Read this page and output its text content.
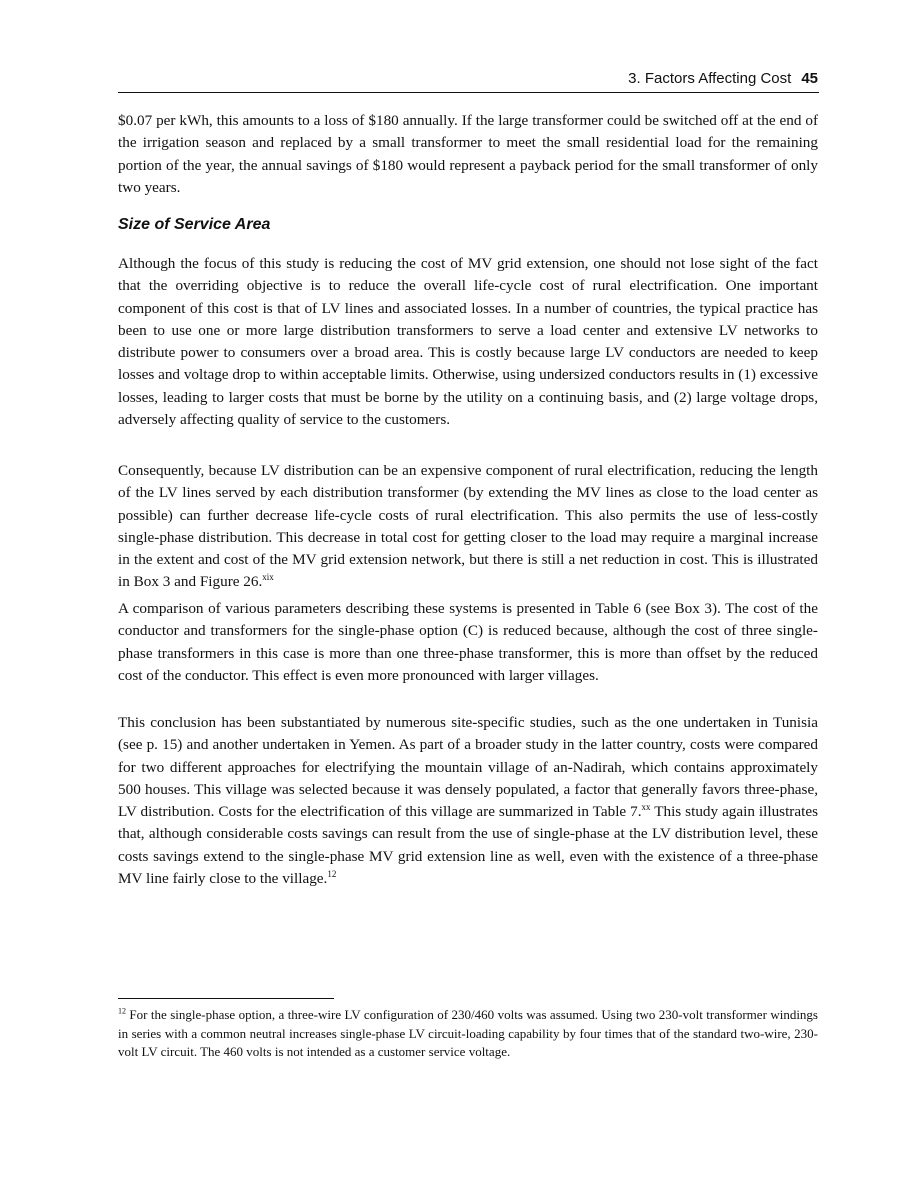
3. Factors Affecting Cost 45

$0.07 per kWh, this amounts to a loss of $180 annually. If the large transformer could be switched off at the end of the irrigation season and replaced by a small transformer to meet the small residential load for the remaining portion of the year, the annual savings of $180 would represent a payback period for the small transformer of only two years.

Size of Service Area

Although the focus of this study is reducing the cost of MV grid extension, one should not lose sight of the fact that the overriding objective is to reduce the overall life-cycle cost of rural electrification. One important component of this cost is that of LV lines and associated losses. In a number of countries, the typical practice has been to use one or more large distribution transformers to serve a load center and extensive LV networks to distribute power to consumers over a broad area. This is costly because large LV conductors are needed to keep losses and voltage drop to within acceptable limits. Otherwise, using undersized conductors results in (1) excessive losses, leading to larger costs that must be borne by the utility on a continuing basis, and (2) large voltage drops, adversely affecting quality of service to the customers.

Consequently, because LV distribution can be an expensive component of rural electrification, reducing the length of the LV lines served by each distribution transformer (by extending the MV lines as close to the load center as possible) can further decrease life-cycle costs of rural electrification. This also permits the use of less-costly single-phase distribution. This decrease in total cost for getting closer to the load may require a marginal increase in the extent and cost of the MV grid extension network, but there is still a net reduction in cost. This is illustrated in Box 3 and Figure 26.$^{xix}$

A comparison of various parameters describing these systems is presented in Table 6 (see Box 3). The cost of the conductor and transformers for the single-phase option (C) is reduced because, although the cost of three single-phase transformers in this case is more than one three-phase transformer, this is more than offset by the reduced cost of the conductor. This effect is even more pronounced with larger villages.

This conclusion has been substantiated by numerous site-specific studies, such as the one undertaken in Tunisia (see p. 15) and another undertaken in Yemen. As part of a broader study in the latter country, costs were compared for two different approaches for electrifying the mountain village of an-Nadirah, which contains approximately 500 houses. This village was selected because it was densely populated, a factor that generally favors three-phase, LV distribution. Costs for the electrification of this village are summarized in Table 7.$^{xx}$ This study again illustrates that, although considerable costs savings can result from the use of single-phase at the LV distribution level, these costs savings extend to the single-phase MV grid extension line as well, even with the existence of a three-phase MV line fairly close to the village.$^{12}$

$^{12}$ For the single-phase option, a three-wire LV configuration of 230/460 volts was assumed. Using two 230-volt transformer windings in series with a common neutral increases single-phase LV circuit-loading capability by four times that of the standard two-wire, 230-volt LV circuit. The 460 volts is not intended as a customer service voltage.
